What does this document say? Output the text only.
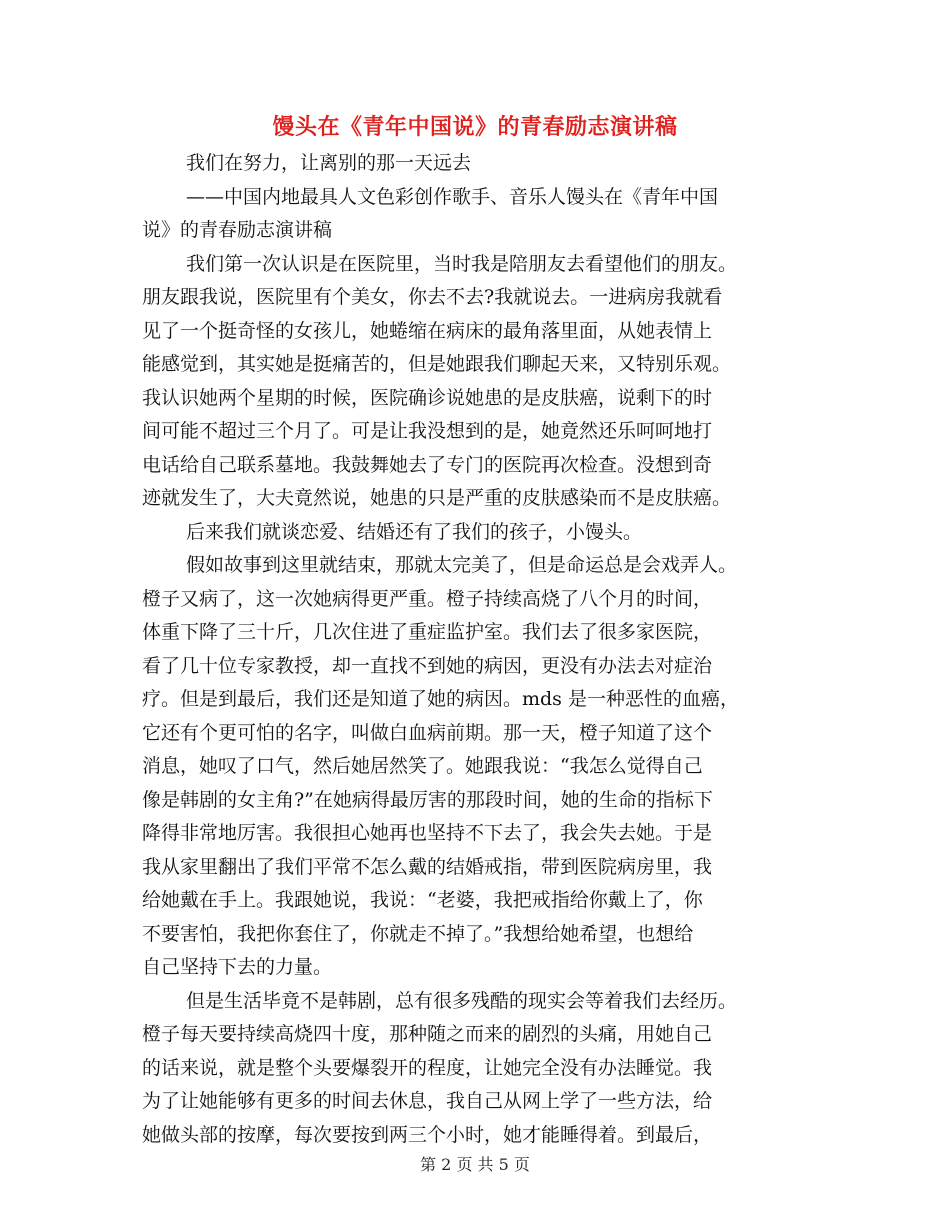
馒头在《青年中国说》的青春励志演讲稿
我们在努力，让离别的那一天远去
——中国内地最具人文色彩创作歌手、音乐人馒头在《青年中国
说》的青春励志演讲稿
我们第一次认识是在医院里，当时我是陪朋友去看望他们的朋友。
朋友跟我说，医院里有个美女，你去不去?我就说去。一进病房我就看
见了一个挺奇怪的女孩儿，她蜷缩在病床的最角落里面，从她表情上
能感觉到，其实她是挺痛苦的，但是她跟我们聊起天来，又特别乐观。
我认识她两个星期的时候，医院确诊说她患的是皮肤癌，说剩下的时
间可能不超过三个月了。可是让我没想到的是，她竟然还乐呵呵地打
电话给自己联系墓地。我鼓舞她去了专门的医院再次检查。没想到奇
迹就发生了，大夫竟然说，她患的只是严重的皮肤感染而不是皮肤癌。
后来我们就谈恋爱、结婚还有了我们的孩子，小馒头。
假如故事到这里就结束，那就太完美了，但是命运总是会戏弄人。
橙子又病了，这一次她病得更严重。橙子持续高烧了八个月的时间，
体重下降了三十斤，几次住进了重症监护室。我们去了很多家医院，
看了几十位专家教授，却一直找不到她的病因，更没有办法去对症治
疗。但是到最后，我们还是知道了她的病因。mds 是一种恶性的血癌，
它还有个更可怕的名字，叫做白血病前期。那一天，橙子知道了这个
消息，她叹了口气，然后她居然笑了。她跟我说：“我怎么觉得自己
像是韩剧的女主角?”在她病得最厉害的那段时间，她的生命的指标下
降得非常地厉害。我很担心她再也坚持不下去了，我会失去她。于是
我从家里翻出了我们平常不怎么戴的结婚戒指，带到医院病房里，我
给她戴在手上。我跟她说，我说：“老婆，我把戒指给你戴上了，你
不要害怕，我把你套住了，你就走不掉了。”我想给她希望，也想给
自己坚持下去的力量。
但是生活毕竟不是韩剧，总有很多残酷的现实会等着我们去经历。
橙子每天要持续高烧四十度，那种随之而来的剧烈的头痛，用她自己
的话来说，就是整个头要爆裂开的程度，让她完全没有办法睡觉。我
为了让她能够有更多的时间去休息，我自己从网上学了一些方法，给
她做头部的按摩，每次要按到两三个小时，她才能睡得着。到最后，
第 2 页 共 5 页
